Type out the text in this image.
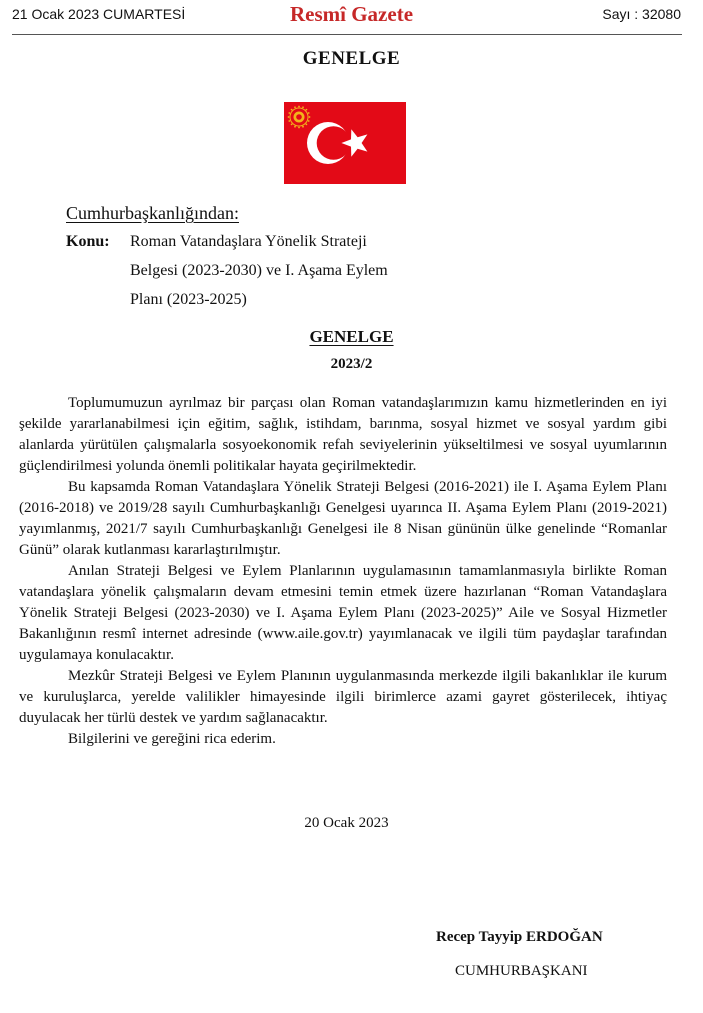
21 Ocak 2023 CUMARTESİ	Resmî Gazete	Sayı : 32080
GENELGE
Cumhurbaşkanlığından:
Konu: Roman Vatandaşlara Yönelik Strateji
Belgesi (2023-2030) ve I. Aşama Eylem
Planı (2023-2025)
GENELGE
2023/2

Toplumumuzun ayrılmaz bir parçası olan Roman vatandaşlarımızın kamu hizmetlerinden en iyi şekilde yararlanabilmesi için eğitim, sağlık, istihdam, barınma, sosyal hizmet ve sosyal yardım gibi alanlarda yürütülen çalışmalarla sosyoekonomik refah seviyelerinin yükseltilmesi ve sosyal uyumlarının güçlendirilmesi yolunda önemli politikalar hayata geçirilmektedir.

Bu kapsamda Roman Vatandaşlara Yönelik Strateji Belgesi (2016-2021) ile I. Aşama Eylem Planı (2016-2018) ve 2019/28 sayılı Cumhurbaşkanlığı Genelgesi uyarınca II. Aşama Eylem Planı (2019-2021) yayımlanmış, 2021/7 sayılı Cumhurbaşkanlığı Genelgesi ile 8 Nisan gününün ülke genelinde “Romanlar Günü” olarak kutlanması kararlaştırılmıştır.

Anılan Strateji Belgesi ve Eylem Planlarının uygulamasının tamamlanmasıyla birlikte Roman vatandaşlara yönelik çalışmaların devam etmesini temin etmek üzere hazırlanan “Roman Vatandaşlara Yönelik Strateji Belgesi (2023-2030) ve I. Aşama Eylem Planı (2023-2025)” Aile ve Sosyal Hizmetler Bakanlığının resmî internet adresinde (www.aile.gov.tr) yayımlanacak ve ilgili tüm paydaşlar tarafından uygulamaya konulacaktır.

Mezkûr Strateji Belgesi ve Eylem Planının uygulanmasında merkezde ilgili bakanlıklar ile kurum ve kuruluşlarca, yerelde valilikler himayesinde ilgili birimlerce azami gayret gösterilecek, ihtiyaç duyulacak her türlü destek ve yardım sağlanacaktır.

Bilgilerini ve gereğini rica ederim.

20 Ocak 2023
Recep Tayyip ERDOĞAN
CUMHURBAŞKANI
